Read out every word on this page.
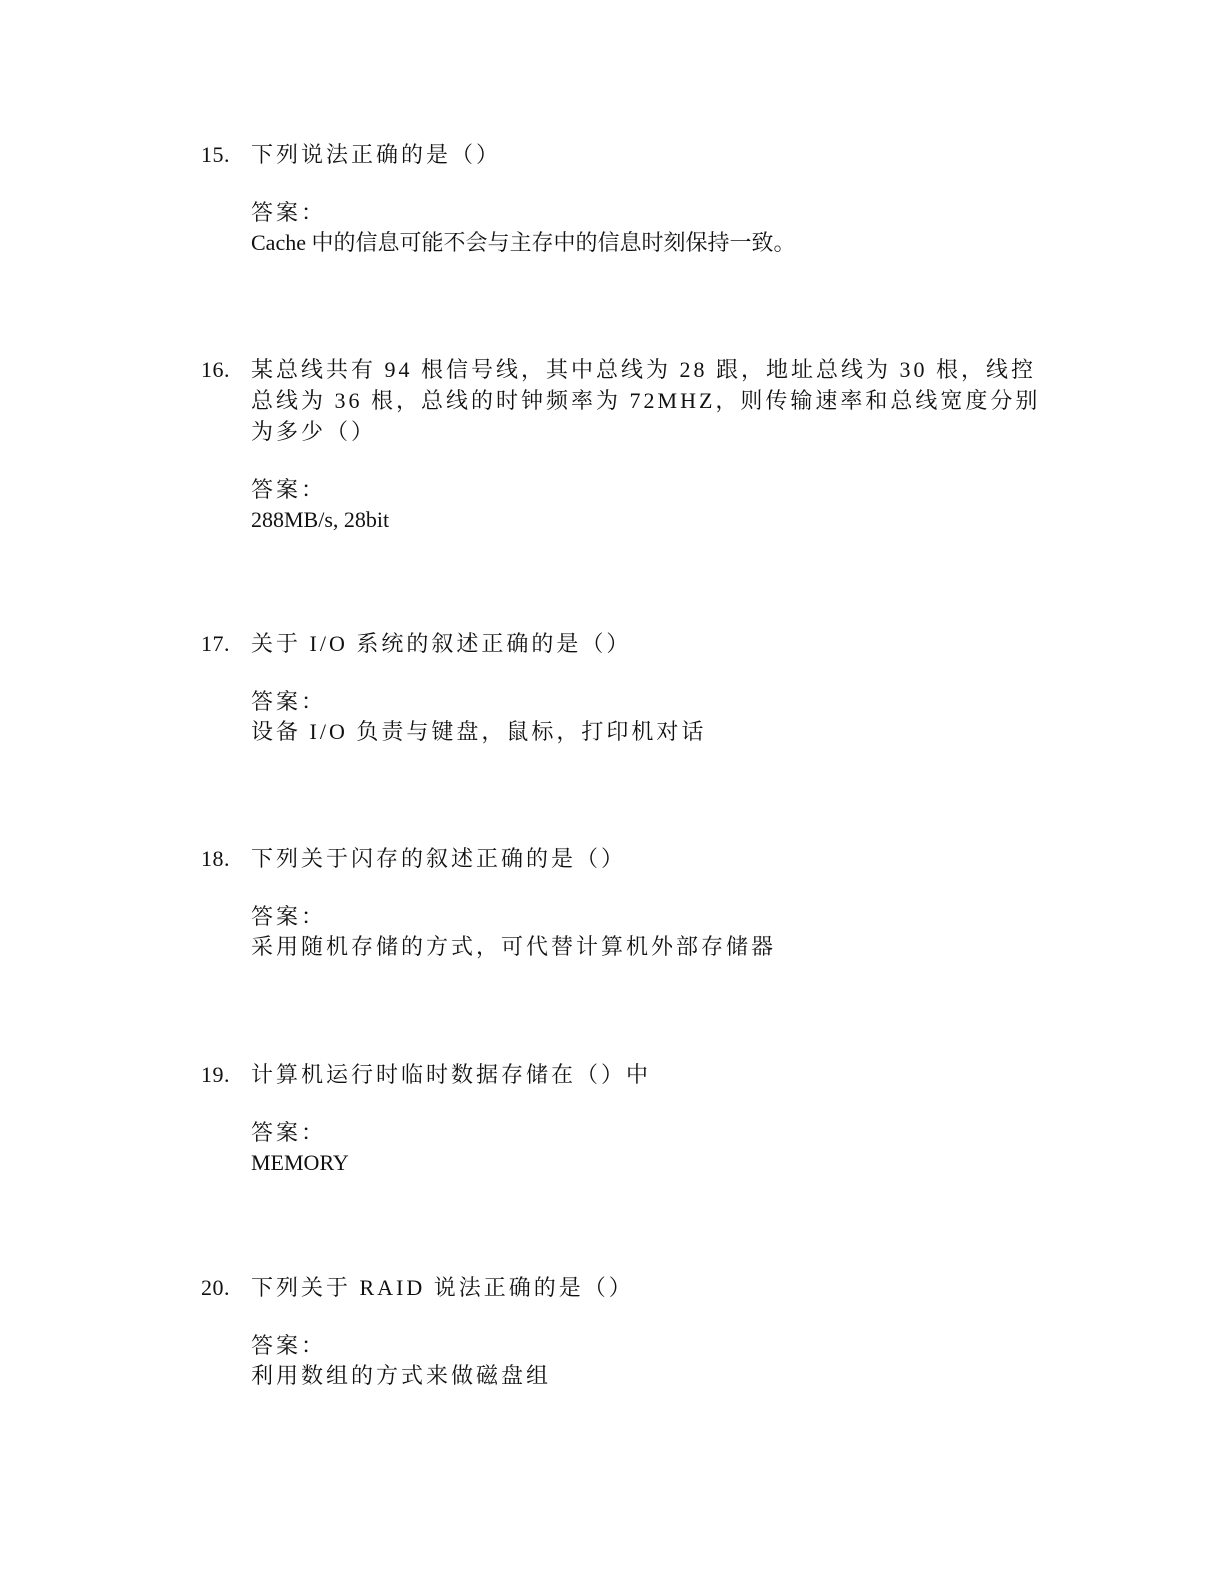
15. 下列说法正确的是（）
答案：
Cache 中的信息可能不会与主存中的信息时刻保持一致。
16. 某总线共有 94 根信号线，其中总线为 28 跟，地址总线为 30 根，线控总线为 36 根，总线的时钟频率为 72MHZ，则传输速率和总线宽度分别为多少（）
答案：
288MB/s, 28bit
17. 关于 I/O 系统的叙述正确的是（）
答案：
设备 I/O 负责与键盘，鼠标，打印机对话
18. 下列关于闪存的叙述正确的是（）
答案：
采用随机存储的方式，可代替计算机外部存储器
19. 计算机运行时临时数据存储在（）中
答案：
MEMORY
20. 下列关于 RAID 说法正确的是（）
答案：
利用数组的方式来做磁盘组
